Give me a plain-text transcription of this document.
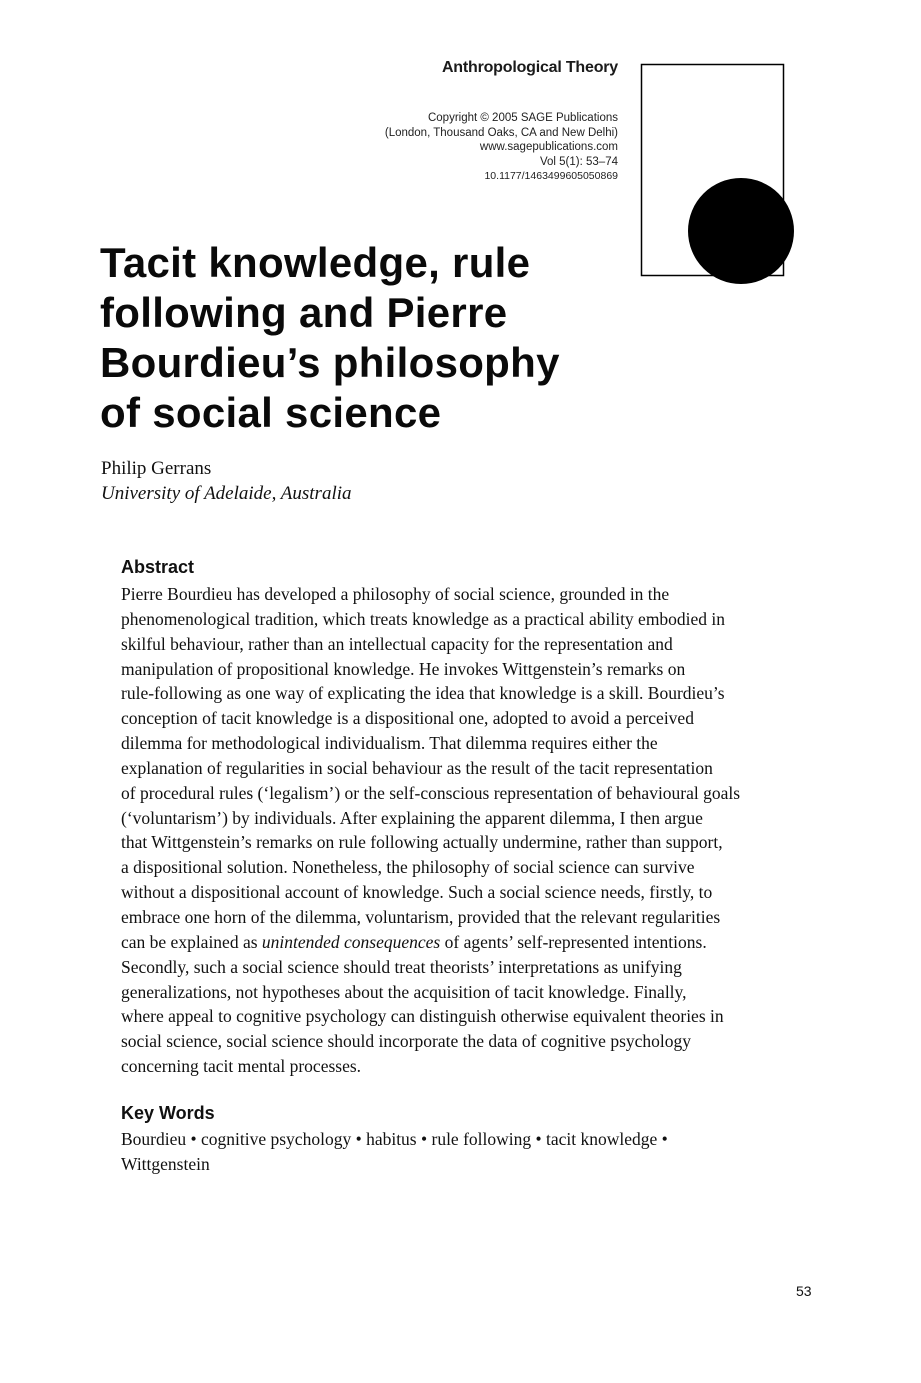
Anthropological Theory
Copyright © 2005 SAGE Publications
(London, Thousand Oaks, CA and New Delhi)
www.sagepublications.com
Vol 5(1): 53–74
10.1177/1463499605050869
Tacit knowledge, rule
following and Pierre
Bourdieu’s philosophy
of social science
Philip Gerrans
University of Adelaide, Australia
Abstract
Pierre Bourdieu has developed a philosophy of social science, grounded in the
phenomenological tradition, which treats knowledge as a practical ability embodied in
skilful behaviour, rather than an intellectual capacity for the representation and
manipulation of propositional knowledge. He invokes Wittgenstein’s remarks on
rule-following as one way of explicating the idea that knowledge is a skill. Bourdieu’s
conception of tacit knowledge is a dispositional one, adopted to avoid a perceived
dilemma for methodological individualism. That dilemma requires either the
explanation of regularities in social behaviour as the result of the tacit representation
of procedural rules (‘legalism’) or the self-conscious representation of behavioural goals
(‘voluntarism’) by individuals. After explaining the apparent dilemma, I then argue
that Wittgenstein’s remarks on rule following actually undermine, rather than support,
a dispositional solution. Nonetheless, the philosophy of social science can survive
without a dispositional account of knowledge. Such a social science needs, firstly, to
embrace one horn of the dilemma, voluntarism, provided that the relevant regularities
can be explained as unintended consequences of agents’ self-represented intentions.
Secondly, such a social science should treat theorists’ interpretations as unifying
generalizations, not hypotheses about the acquisition of tacit knowledge. Finally,
where appeal to cognitive psychology can distinguish otherwise equivalent theories in
social science, social science should incorporate the data of cognitive psychology
concerning tacit mental processes.
Key Words
Bourdieu • cognitive psychology • habitus • rule following • tacit knowledge •
Wittgenstein
53
